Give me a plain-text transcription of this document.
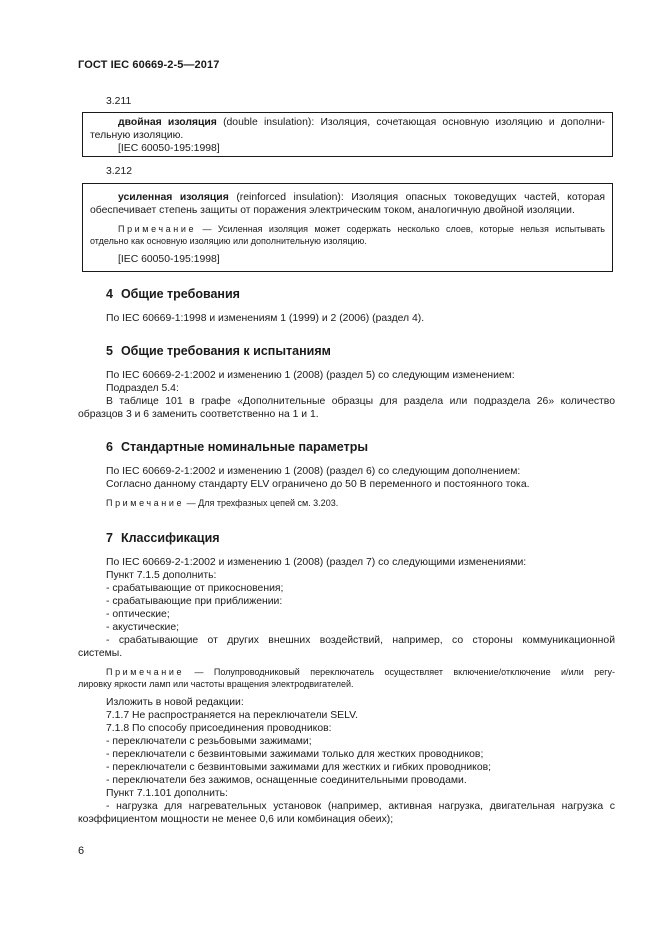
ГОСТ IEC 60669-2-5—2017
3.211
двойная изоляция (double insulation): Изоляция, сочетающая основную изоляцию и дополни-
тельную изоляцию.
[IEC 60050-195:1998]
3.212
усиленная изоляция (reinforced insulation): Изоляция опасных токоведущих частей, которая
обеспечивает степень защиты от поражения электрическим током, аналогичную двойной изоляции.
Примечание — Усиленная изоляция может содержать несколько слоев, которые нельзя испытывать
отдельно как основную изоляцию или дополнительную изоляцию.
[IEC 60050-195:1998]
4 Общие требования
По IEC 60669-1:1998 и изменениям 1 (1999) и 2 (2006) (раздел 4).
5 Общие требования к испытаниям
По IEC 60669-2-1:2002 и изменению 1 (2008) (раздел 5) со следующим изменением:
Подраздел 5.4:
В таблице 101 в графе «Дополнительные образцы для раздела или подраздела 26» количество
образцов 3 и 6 заменить соответственно на 1 и 1.
6 Стандартные номинальные параметры
По IEC 60669-2-1:2002 и изменению 1 (2008) (раздел 6) со следующим дополнением:
Согласно данному стандарту ELV ограничено до 50 В переменного и постоянного тока.
Примечание — Для трехфазных цепей см. 3.203.
7 Классификация
По IEC 60669-2-1:2002 и изменению 1 (2008) (раздел 7) со следующими изменениями:
Пункт 7.1.5 дополнить:
- срабатывающие от прикосновения;
- срабатывающие при приближении:
- оптические;
- акустические;
- срабатывающие от других внешних воздействий, например, со стороны коммуникационной
системы.
Примечание — Полупроводниковый переключатель осуществляет включение/отключение и/или регу-
лировку яркости ламп или частоты вращения электродвигателей.
Изложить в новой редакции:
7.1.7 Не распространяется на переключатели SELV.
7.1.8 По способу присоединения проводников:
- переключатели с резьбовыми зажимами;
- переключатели с безвинтовыми зажимами только для жестких проводников;
- переключатели с безвинтовыми зажимами для жестких и гибких проводников;
- переключатели без зажимов, оснащенные соединительными проводами.
Пункт 7.1.101 дополнить:
- нагрузка для нагревательных установок (например, активная нагрузка, двигательная нагрузка с
коэффициентом мощности не менее 0,6 или комбинация обеих);
6
